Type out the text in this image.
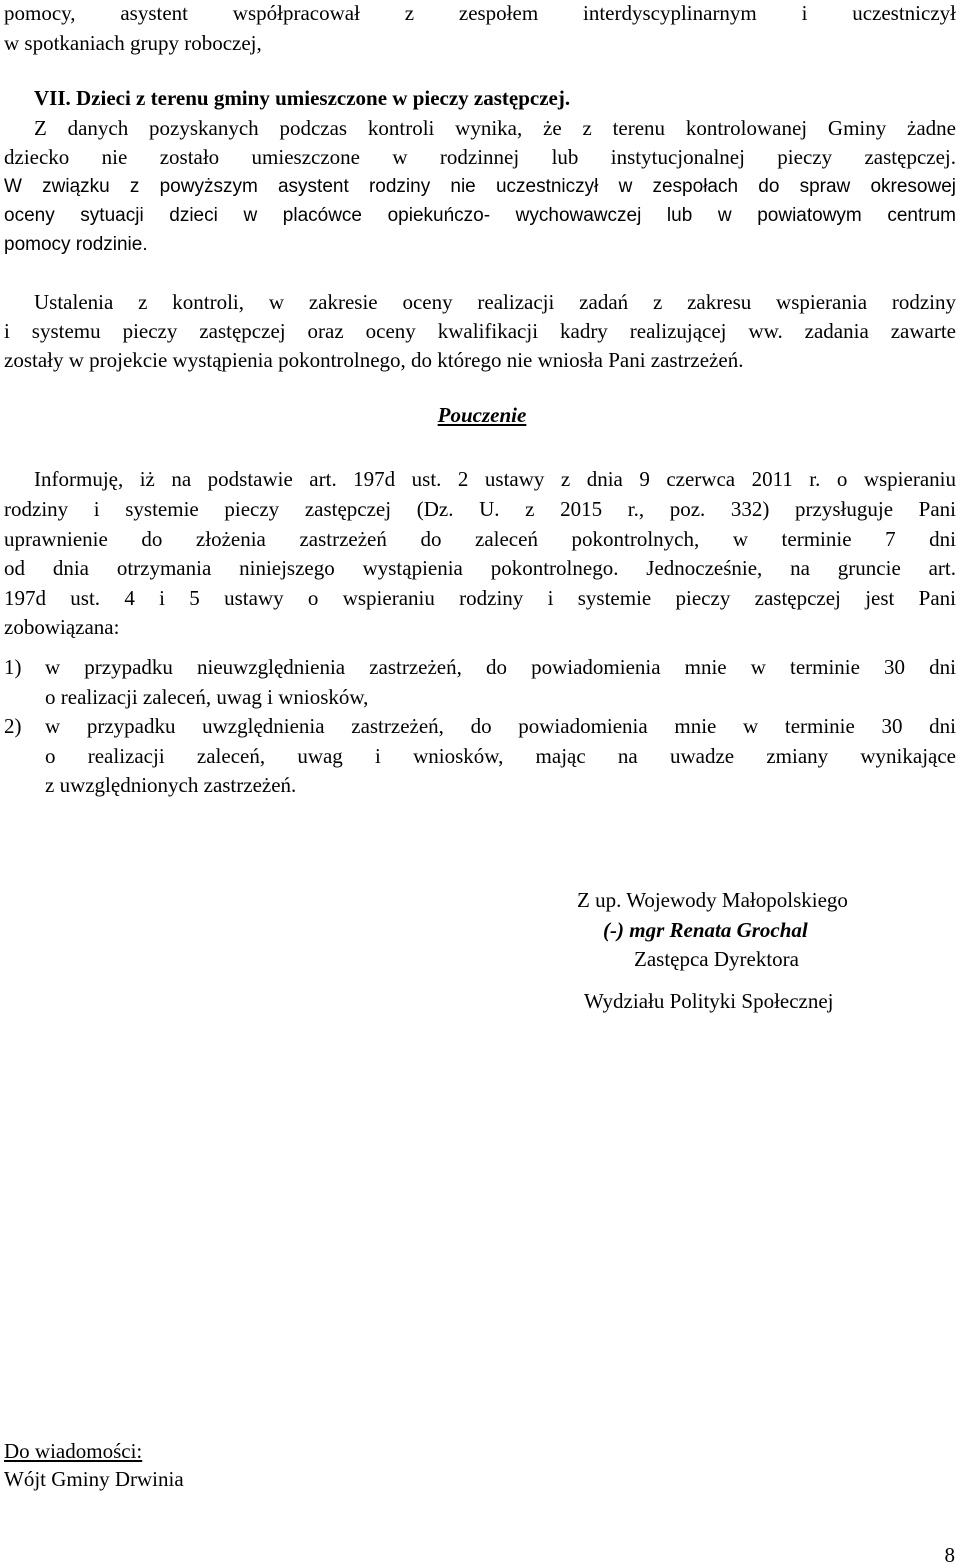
pomocy, asystent współpracował z zespołem interdyscyplinarnym i uczestniczył
w spotkaniach grupy roboczej,
VII. Dzieci z terenu gminy umieszczone w pieczy zastępczej.
Z danych pozyskanych podczas kontroli wynika, że z terenu kontrolowanej Gminy żadne
dziecko nie zostało umieszczone w rodzinnej lub instytucjonalnej pieczy zastępczej.
W związku z powyższym asystent rodziny nie uczestniczył w zespołach do spraw okresowej
oceny sytuacji dzieci w placówce opiekuńczo- wychowawczej lub w powiatowym centrum
pomocy rodzinie.
Ustalenia z kontroli, w zakresie oceny realizacji zadań z zakresu wspierania rodziny
i systemu pieczy zastępczej oraz oceny kwalifikacji kadry realizującej ww. zadania zawarte
zostały w projekcie wystąpienia pokontrolnego, do którego nie wniosła Pani zastrzeżeń.
Pouczenie
Informuję, iż na podstawie art. 197d ust. 2 ustawy z dnia 9 czerwca 2011 r. o wspieraniu
rodziny i systemie pieczy zastępczej (Dz. U. z 2015 r., poz. 332) przysługuje Pani
uprawnienie do złożenia zastrzeżeń do zaleceń pokontrolnych, w terminie 7 dni
od dnia otrzymania niniejszego wystąpienia pokontrolnego. Jednocześnie, na gruncie art.
197d ust. 4 i 5 ustawy o wspieraniu rodziny i systemie pieczy zastępczej jest Pani
zobowiązana:
1) w przypadku nieuwzględnienia zastrzeżeń, do powiadomienia mnie w terminie 30 dni
o realizacji zaleceń, uwag i wniosków,
2) w przypadku uwzględnienia zastrzeżeń, do powiadomienia mnie w terminie 30 dni
o realizacji zaleceń, uwag i wniosków, mając na uwadze zmiany wynikające
z uwzględnionych zastrzeżeń.
Z up. Wojewody Małopolskiego
(-) mgr Renata Grochal
Zastępca Dyrektora
Wydziału Polityki Społecznej
Do wiadomości:
Wójt Gminy Drwinia
8
